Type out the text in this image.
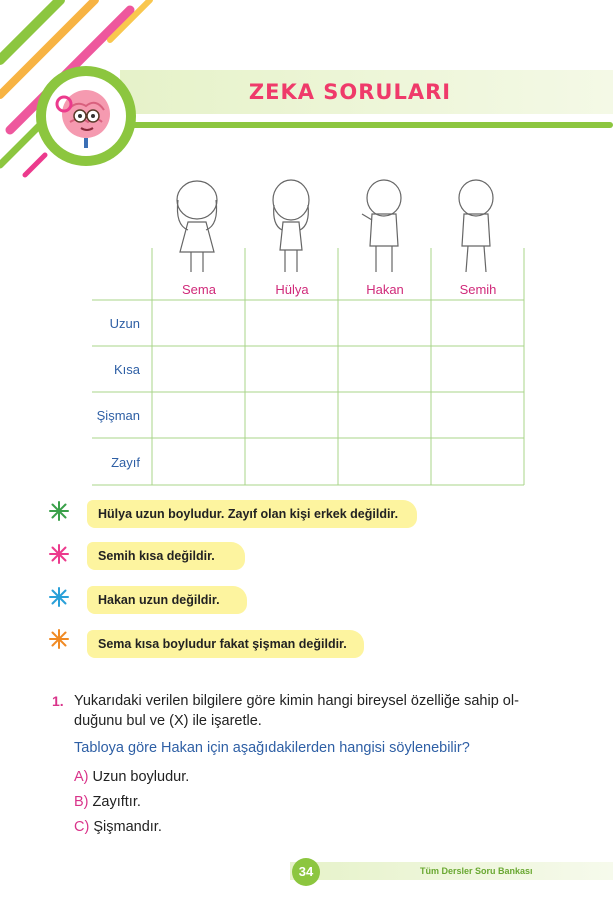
ZEKA SORULARI
Sema	Hülya	Hakan	Semih
Uzun
Kısa
Şişman
Zayıf
Hülya uzun boyludur. Zayıf olan kişi erkek değildir.
Semih kısa değildir.
Hakan uzun değildir.
Sema kısa boyludur fakat şişman değildir.
1. Yukarıdaki verilen bilgilere göre kimin hangi bireysel özelliğe sahip ol-
duğunu bul ve (X) ile işaretle.
Tabloya göre Hakan için aşağıdakilerden hangisi söylenebilir?
A) Uzun boyludur.
B) Zayıftır.
C) Şişmandır.
34	Tüm Dersler Soru Bankası
